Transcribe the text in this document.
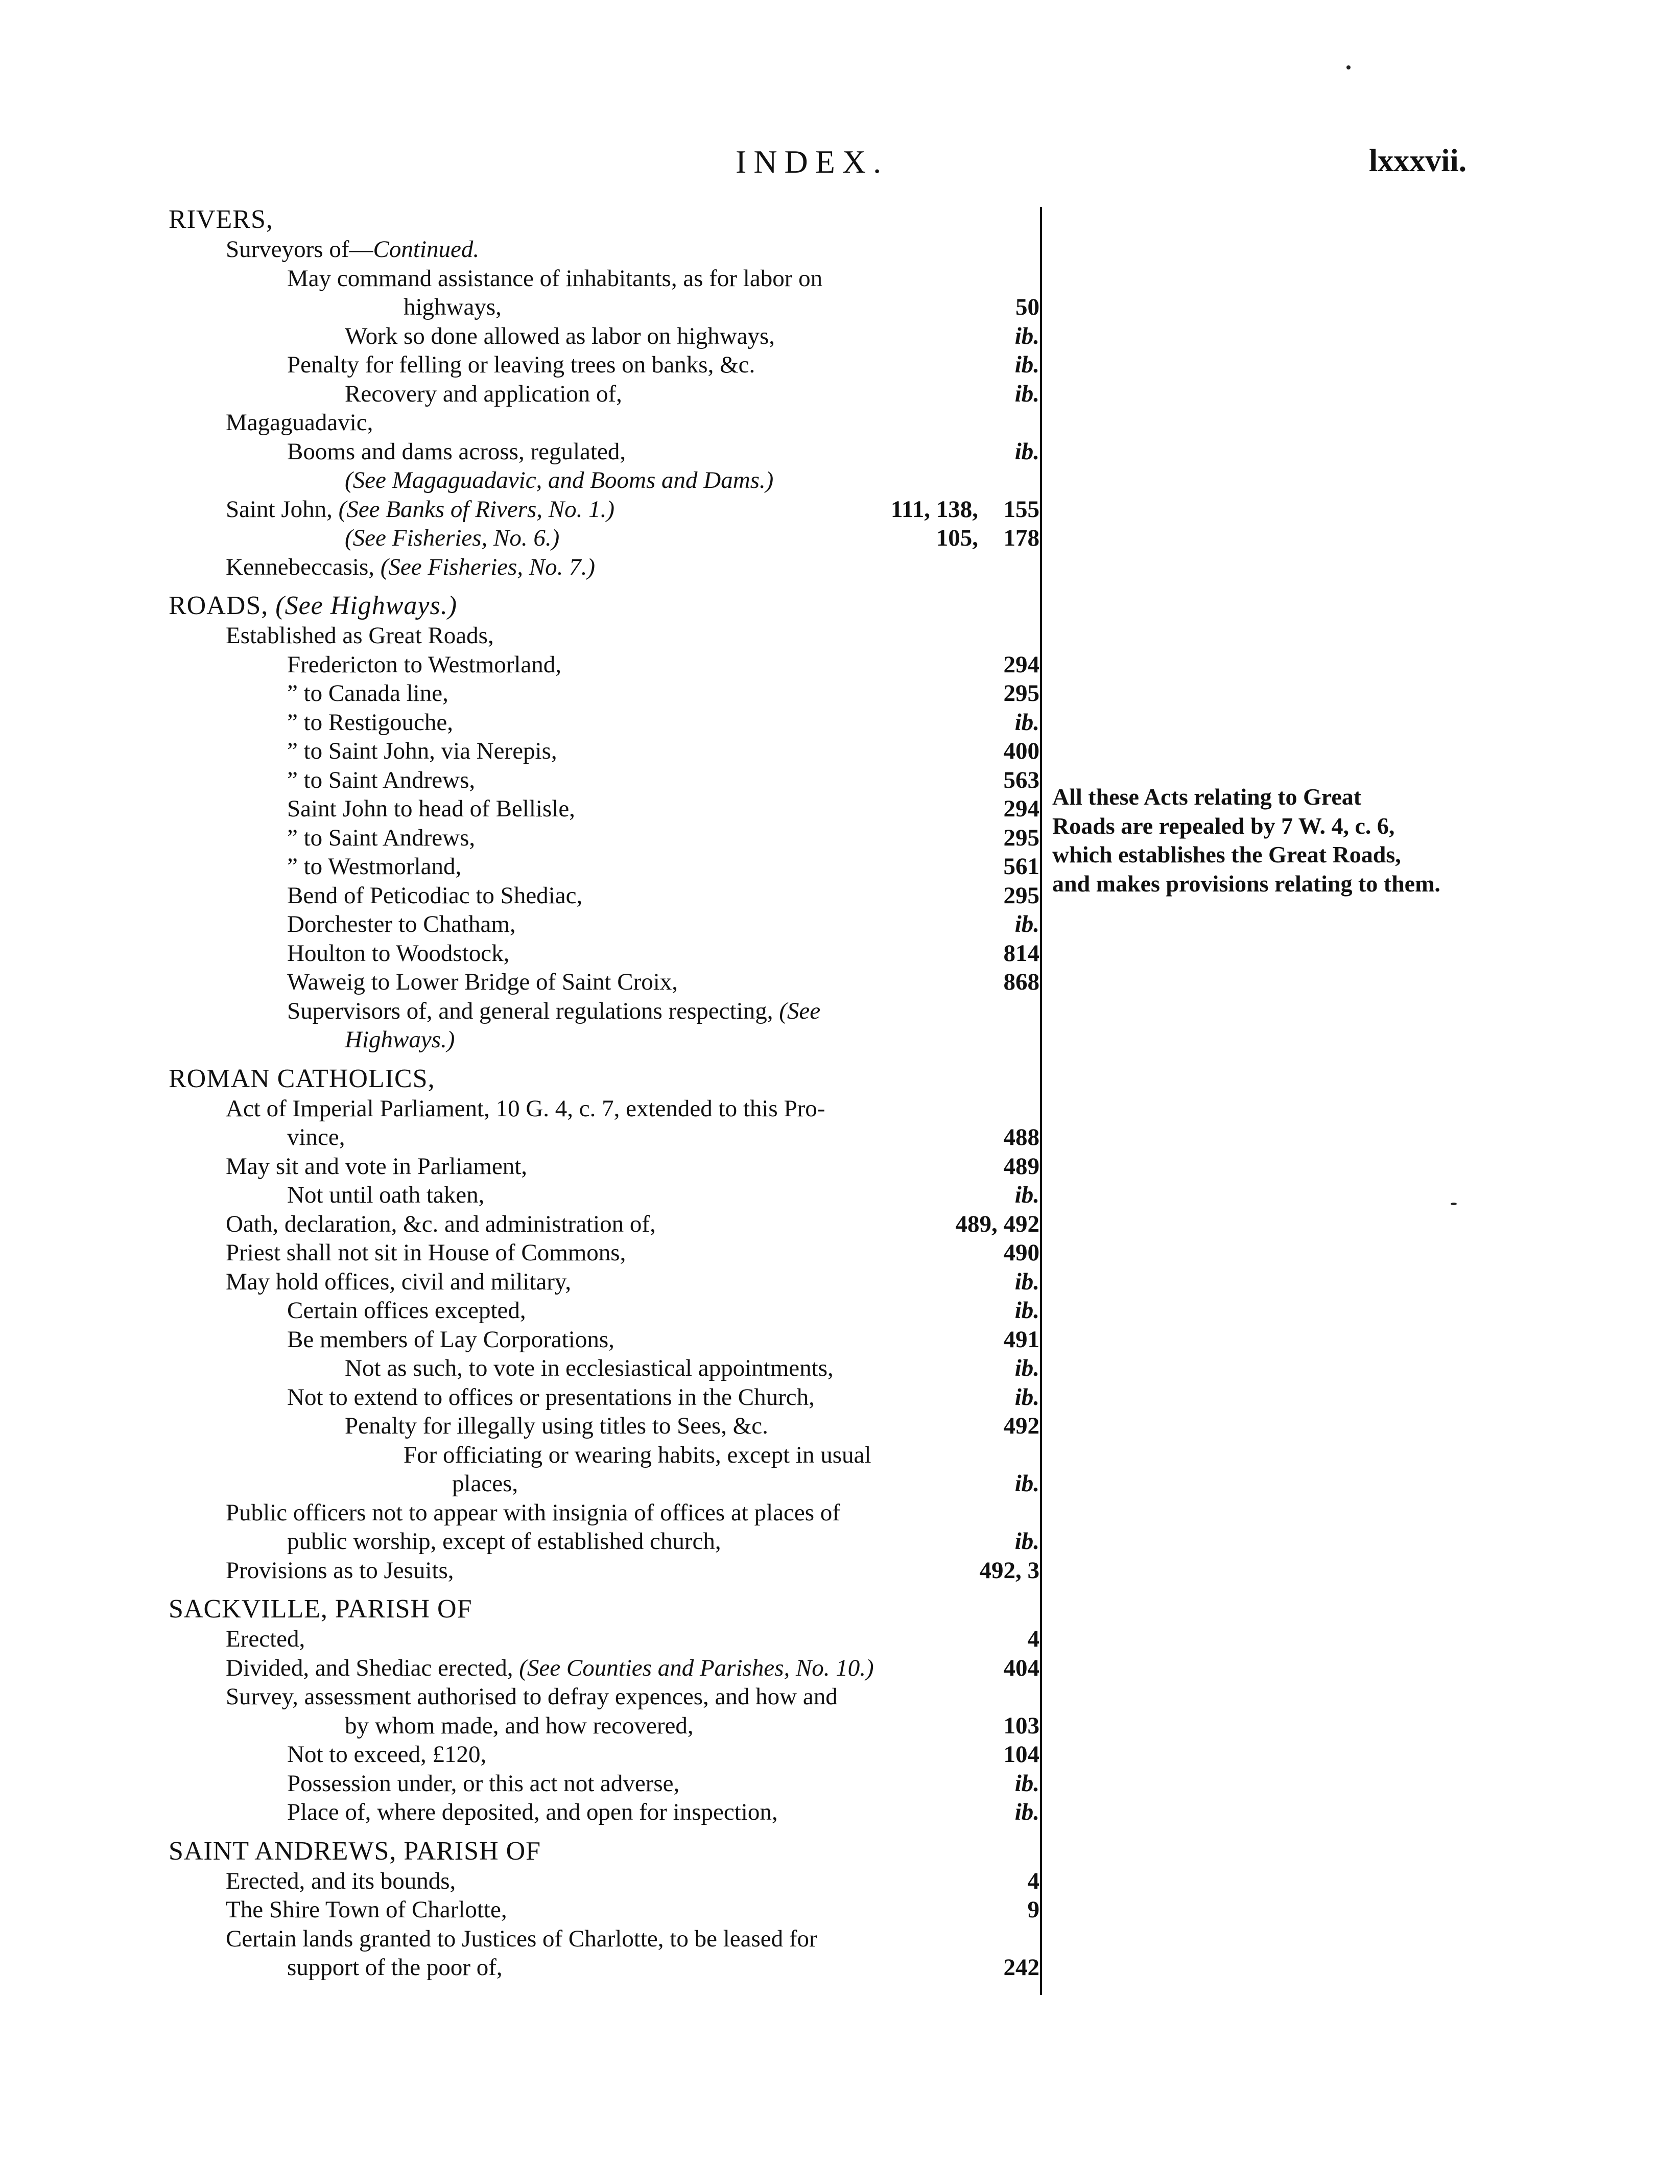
INDEX.	lxxxvii.
RIVERS,
Surveyors of—Continued.
May command assistance of inhabitants, as for labor on
highways,	50
Work so done allowed as labor on highways,	ib.
Penalty for felling or leaving trees on banks, &c.	ib.
Recovery and application of,	ib.
Magaguadavic,
Booms and dams across, regulated,	ib.
(See Magaguadavic, and Booms and Dams.)
Saint John, (See Banks of Rivers, No. 1.)	111, 138, 155
(See Fisheries, No. 6.)	105, 178
Kennebeccasis, (See Fisheries, No. 7.)
ROADS, (See Highways.)
Established as Great Roads,
Fredericton to Westmorland,	294
” to Canada line,	295
” to Restigouche,	ib.
” to Saint John, via Nerepis,	400
” to Saint Andrews,	563
Saint John to head of Bellisle,	294
” to Saint Andrews,	295
” to Westmorland,	561
Bend of Peticodiac to Shediac,	295
Dorchester to Chatham,	ib.
Houlton to Woodstock,	814
Waweig to Lower Bridge of Saint Croix,	868
Supervisors of, and general regulations respecting, (See
Highways.)
ROMAN CATHOLICS,
Act of Imperial Parliament, 10 G. 4, c. 7, extended to this Pro-
vince,	488
May sit and vote in Parliament,	489
Not until oath taken,	ib.
Oath, declaration, &c. and administration of,	489, 492
Priest shall not sit in House of Commons,	490
May hold offices, civil and military,	ib.
Certain offices excepted,	ib.
Be members of Lay Corporations,	491
Not as such, to vote in ecclesiastical appointments,	ib.
Not to extend to offices or presentations in the Church,	ib.
Penalty for illegally using titles to Sees, &c.	492
For officiating or wearing habits, except in usual
places,	ib.
Public officers not to appear with insignia of offices at places of
public worship, except of established church,	ib.
Provisions as to Jesuits,	492, 3
SACKVILLE, PARISH OF
Erected,	4
Divided, and Shediac erected, (See Counties and Parishes, No. 10.)	404
Survey, assessment authorised to defray expences, and how and
by whom made, and how recovered,	103
Not to exceed, £120,	104
Possession under, or this act not adverse,	ib.
Place of, where deposited, and open for inspection,	ib.
SAINT ANDREWS, PARISH OF
Erected, and its bounds,	4
The Shire Town of Charlotte,	9
Certain lands granted to Justices of Charlotte, to be leased for
support of the poor of,	242
All these Acts relating to Great
Roads are repealed by 7 W. 4, c. 6,
which establishes the Great Roads,
and makes provisions relating to them.
